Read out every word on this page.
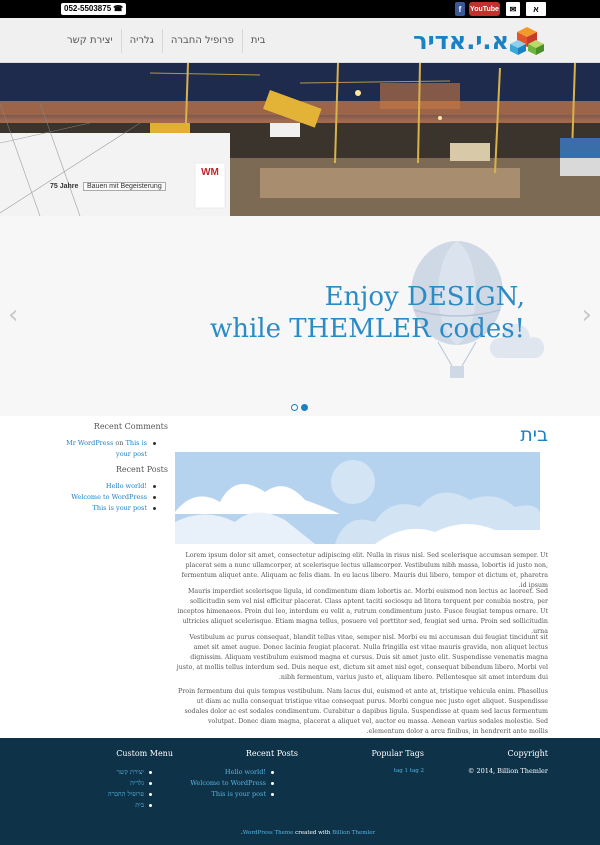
052-5503875 ☎	f	YouTube	✉	א
יצירת קשר	גלריה	פרופיל החברה	בית	א.י.אדיר
75 Jahre	Bauen mit Begeisterung
WM
Enjoy DESIGN,
while THEMLER codes!
‹	›
בית
Lorem ipsum dolor sit amet, consectetur adipiscing elit. Nulla in risus nisl. Sed scelerisque accumsan semper. Ut placerat sem a nunc ullamcorper, at scelerisque lectus ullamcorper. Vestibulum nibh massa, lobortis id justo non, fermentum aliquet ante. Aliquam ac felis diam. In eu lacus libero. Mauris dui libero, tempor et dictum et, pharetra id ipsum.
Mauris imperdiet scelerisque ligula, id condimentum diam lobortis ac. Morbi euismod non lectus ac laoreet. Sed sollicitudin sem vel nisl efficitur placerat. Class aptent taciti sociosqu ad litora torquent per conubia nostra, per inceptos himenaeos. Proin dui leo, interdum eu velit a, rutrum condimentum justo. Fusce feugiat tempus ornare. Ut ultricies aliquet scelerisque. Etiam magna tellus, posuere vel porttitor sed, feugiat sed urna. Proin sed sollicitudin urna.
Vestibulum ac purus consequat, blandit tellus vitae, semper nisl. Morbi eu mi accumsan dui feugiat tincidunt sit amet sit amet augue. Donec lacinia feugiat placerat. Nulla fringilla est vitae mauris gravida, non aliquet lectus dignissim. Aliquam vestibulum euismod magna et cursus. Duis sit amet justo elit. Suspendisse venenatis magna justo, at mollis tellus interdum sed. Duis neque est, dictum sit amet nisl eget, consequat bibendum libero. Morbi vel nibh fermentum, varius justo et, aliquam libero. Pellentesque sit amet interdum dui.
Proin fermentum dui quis tempus vestibulum. Nam lacus dui, euismod et ante at, tristique vehicula enim. Phasellus ut diam ac nulla consequat tristique vitae consequat purus. Morbi congue nec justo eget aliquet. Suspendisse sodales dolor ac est sodales condimentum. Curabitur a dapibus ligula. Suspendisse at quam sed lacus fermentum volutpat. Donec diam magna, placerat a aliquet vel, auctor eu massa. Aenean varius sodales molestie. Sed elementum dolor a arcu finibus, in hendrerit ante mollis.
Recent Comments
Mr WordPress on This is your post
Recent Posts
Hello world!
Welcome to WordPress
This is your post
Copyright
© 2014, Billion Themler
Popular Tags
tag 1 tag 2
Recent Posts
Hello world!
Welcome to WordPress
This is your post
Custom Menu
יצירת קשר
גלריה
פרופיל החברה
בית
.WordPress Theme created with Billion Themler
